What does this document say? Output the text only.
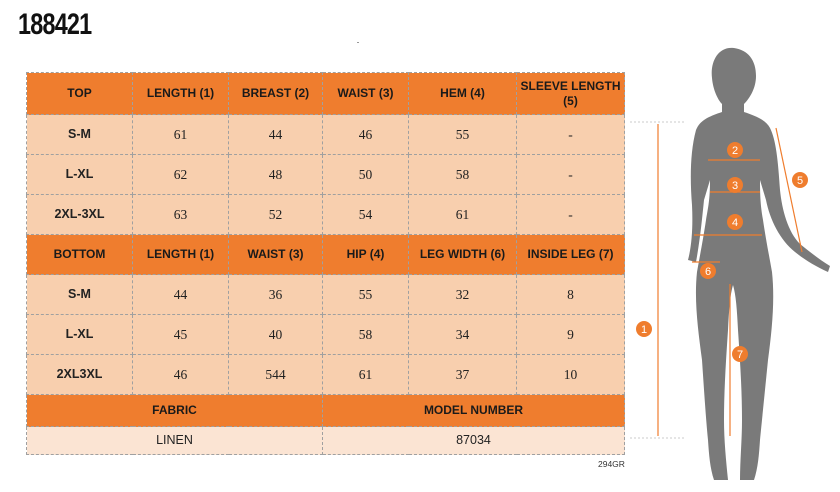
188421
TOP	LENGTH (1)	BREAST (2)	WAIST (3)	HEM (4)	SLEEVE LENGTH (5)
S-M	61	44	46	55	-
L-XL	62	48	50	58	-
2XL-3XL	63	52	54	61	-
BOTTOM	LENGTH (1)	WAIST (3)	HIP (4)	LEG WIDTH (6)	INSIDE LEG (7)
S-M	44	36	55	32	8
L-XL	45	40	58	34	9
2XL3XL	46	544	61	37	10
FABRIC			MODEL NUMBER		
LINEN			87034		
294GR
1
2
3
4
5
6
7
